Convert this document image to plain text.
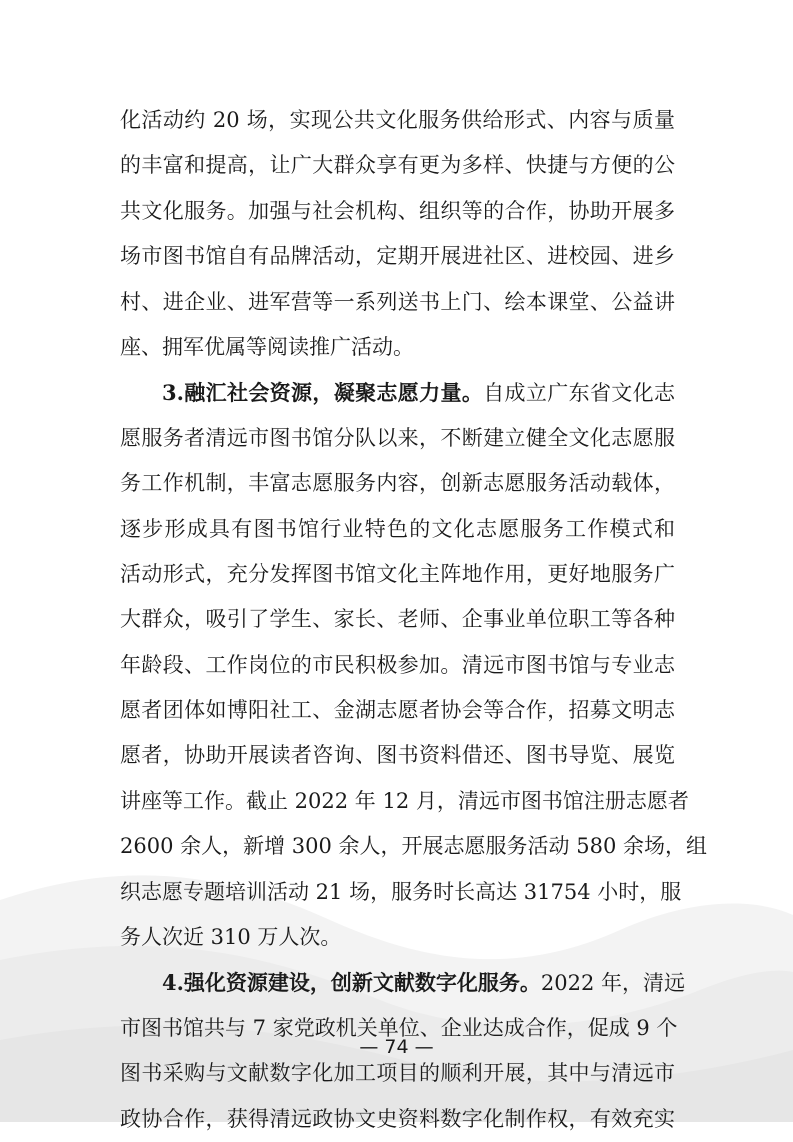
化活动约 20 场，实现公共文化服务供给形式、内容与质量
的丰富和提高，让广大群众享有更为多样、快捷与方便的公
共文化服务。加强与社会机构、组织等的合作，协助开展多
场市图书馆自有品牌活动，定期开展进社区、进校园、进乡
村、进企业、进军营等一系列送书上门、绘本课堂、公益讲
座、拥军优属等阅读推广活动。
3.融汇社会资源，凝聚志愿力量。自成立广东省文化志
愿服务者清远市图书馆分队以来，不断建立健全文化志愿服
务工作机制，丰富志愿服务内容，创新志愿服务活动载体，
逐步形成具有图书馆行业特色的文化志愿服务工作模式和
活动形式，充分发挥图书馆文化主阵地作用，更好地服务广
大群众，吸引了学生、家长、老师、企事业单位职工等各种
年龄段、工作岗位的市民积极参加。清远市图书馆与专业志
愿者团体如博阳社工、金湖志愿者协会等合作，招募文明志
愿者，协助开展读者咨询、图书资料借还、图书导览、展览
讲座等工作。截止 2022 年 12 月，清远市图书馆注册志愿者
2600 余人，新增 300 余人，开展志愿服务活动 580 余场，组
织志愿专题培训活动 21 场，服务时长高达 31754 小时，服
务人次近 310 万人次。
4.强化资源建设，创新文献数字化服务。2022 年，清远
市图书馆共与 7 家党政机关单位、企业达成合作，促成 9 个
图书采购与文献数字化加工项目的顺利开展，其中与清远市
政协合作，获得清远政协文史资料数字化制作权，有效充实
— 74 —
